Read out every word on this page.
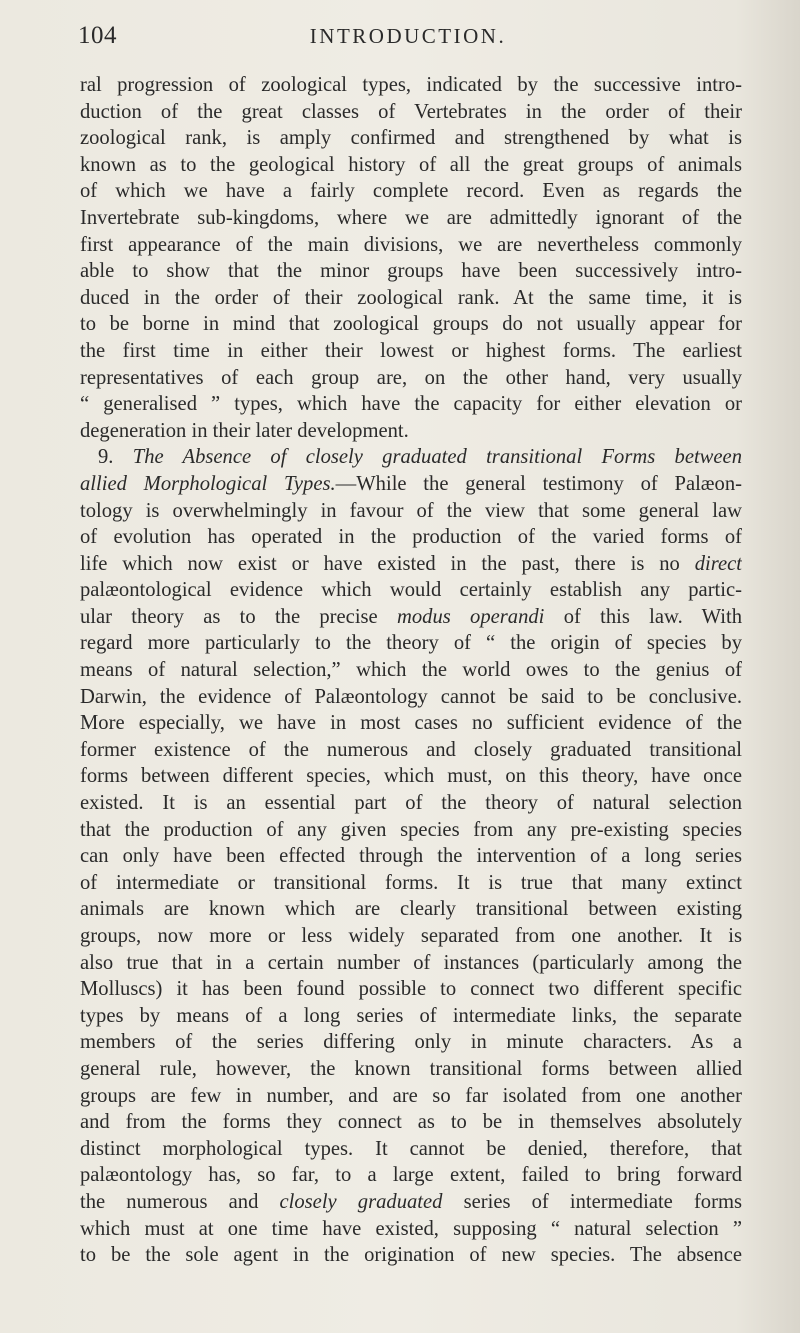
104	INTRODUCTION.
ral progression of zoological types, indicated by the successive intro-
duction of the great classes of Vertebrates in the order of their
zoological rank, is amply confirmed and strengthened by what is
known as to the geological history of all the great groups of animals
of which we have a fairly complete record. Even as regards the
Invertebrate sub-kingdoms, where we are admittedly ignorant of the
first appearance of the main divisions, we are nevertheless commonly
able to show that the minor groups have been successively intro-
duced in the order of their zoological rank. At the same time, it is
to be borne in mind that zoological groups do not usually appear for
the first time in either their lowest or highest forms. The earliest
representatives of each group are, on the other hand, very usually
“ generalised ” types, which have the capacity for either elevation or
degeneration in their later development.
9. The Absence of closely graduated transitional Forms between
allied Morphological Types.—While the general testimony of Palæon-
tology is overwhelmingly in favour of the view that some general law
of evolution has operated in the production of the varied forms of
life which now exist or have existed in the past, there is no direct
palæontological evidence which would certainly establish any partic-
ular theory as to the precise modus operandi of this law. With
regard more particularly to the theory of “ the origin of species by
means of natural selection,” which the world owes to the genius of
Darwin, the evidence of Palæontology cannot be said to be conclusive.
More especially, we have in most cases no sufficient evidence of the
former existence of the numerous and closely graduated transitional
forms between different species, which must, on this theory, have once
existed. It is an essential part of the theory of natural selection
that the production of any given species from any pre-existing species
can only have been effected through the intervention of a long series
of intermediate or transitional forms. It is true that many extinct
animals are known which are clearly transitional between existing
groups, now more or less widely separated from one another. It is
also true that in a certain number of instances (particularly among the
Molluscs) it has been found possible to connect two different specific
types by means of a long series of intermediate links, the separate
members of the series differing only in minute characters. As a
general rule, however, the known transitional forms between allied
groups are few in number, and are so far isolated from one another
and from the forms they connect as to be in themselves absolutely
distinct morphological types. It cannot be denied, therefore, that
palæontology has, so far, to a large extent, failed to bring forward
the numerous and closely graduated series of intermediate forms
which must at one time have existed, supposing “ natural selection ”
to be the sole agent in the origination of new species. The absence
